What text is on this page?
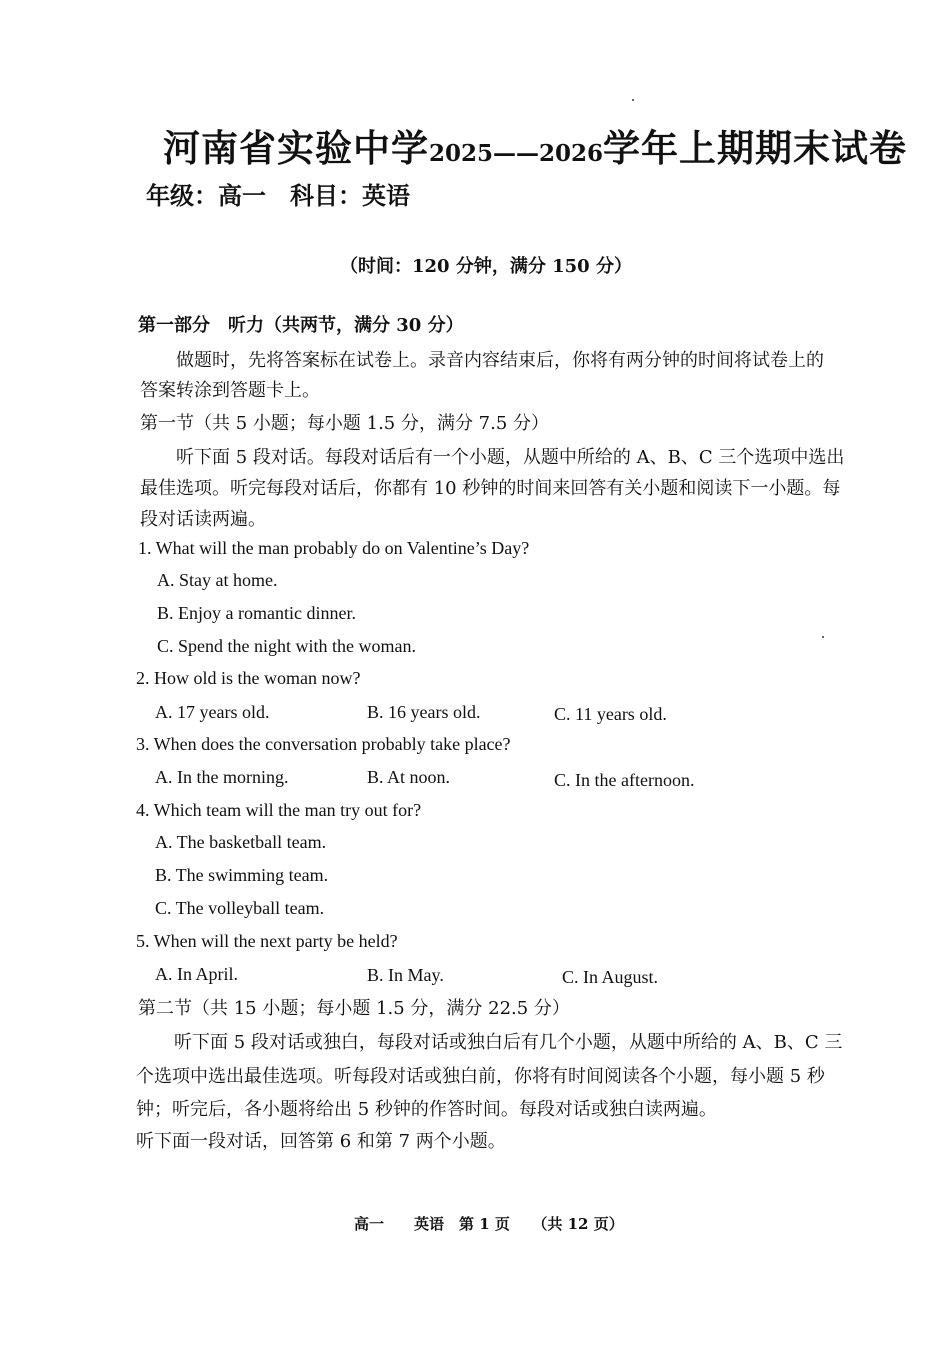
河南省实验中学2025——2026学年上期期末试卷
年级：高一　科目：英语
（时间：120 分钟，满分 150 分）
第一部分　听力（共两节，满分 30 分）
做题时，先将答案标在试卷上。录音内容结束后，你将有两分钟的时间将试卷上的
答案转涂到答题卡上。
第一节（共 5 小题；每小题 1.5 分，满分 7.5 分）
听下面 5 段对话。每段对话后有一个小题，从题中所给的 A、B、C 三个选项中选出
最佳选项。听完每段对话后，你都有 10 秒钟的时间来回答有关小题和阅读下一小题。每
段对话读两遍。
1. What will the man probably do on Valentine’s Day?
A. Stay at home.
B. Enjoy a romantic dinner.
C. Spend the night with the woman.
2. How old is the woman now?
A. 17 years old.	B. 16 years old.	C. 11 years old.
3. When does the conversation probably take place?
A. In the morning.	B. At noon.	C. In the afternoon.
4. Which team will the man try out for?
A. The basketball team.
B. The swimming team.
C. The volleyball team.
5. When will the next party be held?
A. In April.	B. In May.	C. In August.
第二节（共 15 小题；每小题 1.5 分，满分 22.5 分）
听下面 5 段对话或独白，每段对话或独白后有几个小题，从题中所给的 A、B、C 三
个选项中选出最佳选项。听每段对话或独白前，你将有时间阅读各个小题，每小题 5 秒
钟；听完后，各小题将给出 5 秒钟的作答时间。每段对话或独白读两遍。
听下面一段对话，回答第 6 和第 7 两个小题。
高一　　英语　第 1 页　　（共 12 页）
